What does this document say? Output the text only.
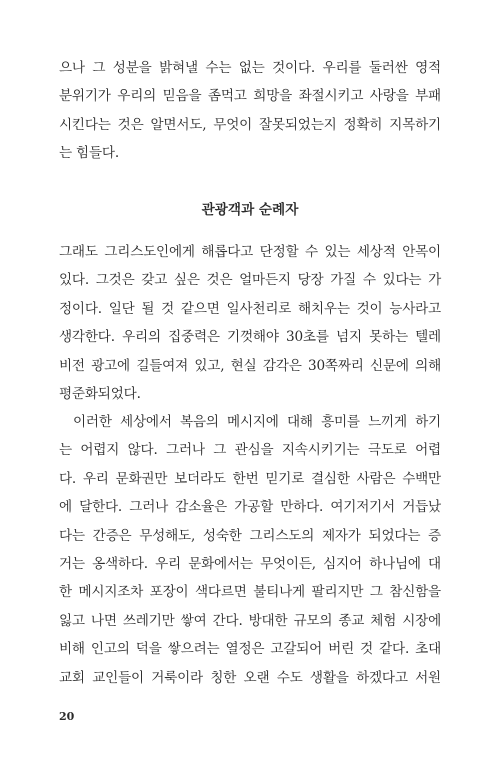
으나 그 성분을 밝혀낼 수는 없는 것이다. 우리를 둘러싼 영적
분위기가 우리의 믿음을 좀먹고 희망을 좌절시키고 사랑을 부패
시킨다는 것은 알면서도, 무엇이 잘못되었는지 정확히 지목하기
는 힘들다.
관광객과 순례자
그래도 그리스도인에게 해롭다고 단정할 수 있는 세상적 안목이
있다. 그것은 갖고 싶은 것은 얼마든지 당장 가질 수 있다는 가
정이다. 일단 될 것 같으면 일사천리로 해치우는 것이 능사라고
생각한다. 우리의 집중력은 기껏해야 30초를 넘지 못하는 텔레
비전 광고에 길들여져 있고, 현실 감각은 30쪽짜리 신문에 의해
평준화되었다.
이러한 세상에서 복음의 메시지에 대해 흥미를 느끼게 하기
는 어렵지 않다. 그러나 그 관심을 지속시키기는 극도로 어렵
다. 우리 문화권만 보더라도 한번 믿기로 결심한 사람은 수백만
에 달한다. 그러나 감소율은 가공할 만하다. 여기저기서 거듭났
다는 간증은 무성해도, 성숙한 그리스도의 제자가 되었다는 증
거는 옹색하다. 우리 문화에서는 무엇이든, 심지어 하나님에 대
한 메시지조차 포장이 색다르면 불티나게 팔리지만 그 참신함을
잃고 나면 쓰레기만 쌓여 간다. 방대한 규모의 종교 체험 시장에
비해 인고의 덕을 쌓으려는 열정은 고갈되어 버린 것 같다. 초대
교회 교인들이 거룩이라 칭한 오랜 수도 생활을 하겠다고 서원
20
